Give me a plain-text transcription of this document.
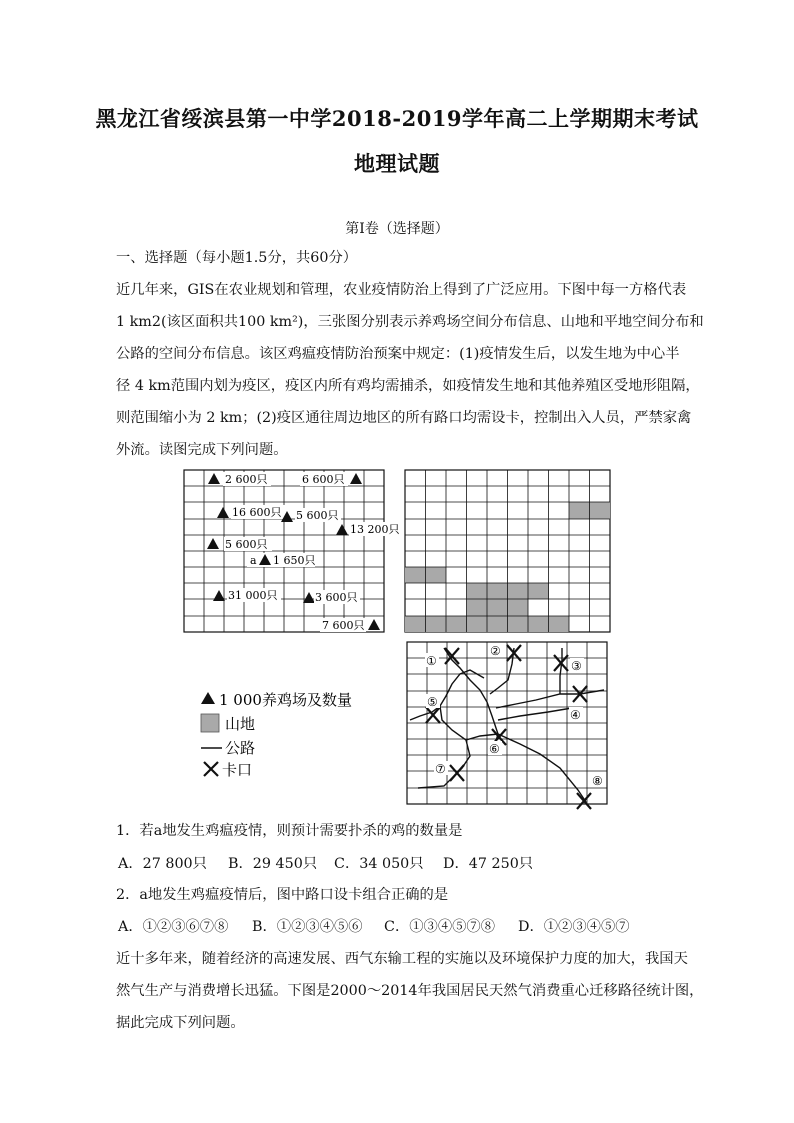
黑龙江省绥滨县第一中学2018-2019学年高二上学期期末考试
地理试题
第Ⅰ卷（选择题）
一、选择题（每小题1.5分，共60分）
近几年来，GIS在农业规划和管理，农业疫情防治上得到了广泛应用。下图中每一方格代表
1 km2(该区面积共100 km²)，三张图分别表示养鸡场空间分布信息、山地和平地空间分布和
公路的空间分布信息。该区鸡瘟疫情防治预案中规定：(1)疫情发生后，以发生地为中心半
径 4 km范围内划为疫区，疫区内所有鸡均需捕杀，如疫情发生地和其他养殖区受地形阻隔，
则范围缩小为 2 km；(2)疫区通往周边地区的所有路口均需设卡，控制出入人员，严禁家禽
外流。读图完成下列问题。
2 600只	6 600只
16 600只 5 600只
13 200只
5 600只
a 1 650只
31 000只	3 600只
7 600只
①
②
③
④
⑤
⑥
⑦
⑧
1 000养鸡场及数量
山地
公路
卡口
1．若a地发生鸡瘟疫情，则预计需要扑杀的鸡的数量是
A．27 800只 B．29 450只 C．34 050只 D．47 250只
2．a地发生鸡瘟疫情后，图中路口设卡组合正确的是
A．①②③⑥⑦⑧ B．①②③④⑤⑥ C．①③④⑤⑦⑧ D．①②③④⑤⑦
近十多年来，随着经济的高速发展、西气东输工程的实施以及环境保护力度的加大，我国天
然气生产与消费增长迅猛。下图是2000～2014年我国居民天然气消费重心迁移路径统计图，
据此完成下列问题。
